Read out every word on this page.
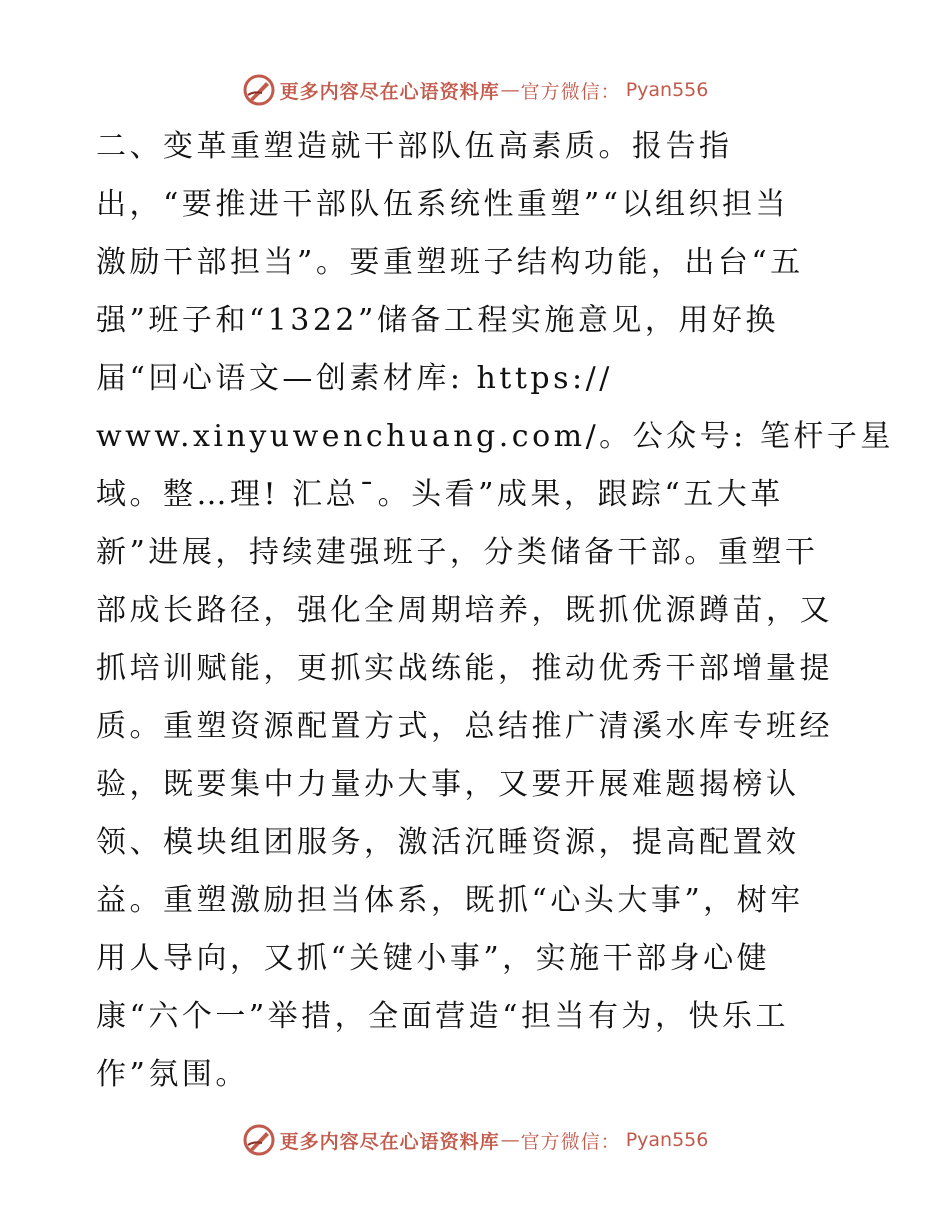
更多内容尽在心语资料库 — 官方微信 ： Pyan556
二、变革重塑造就干部队伍高素质。报告指
出，“要推进干部队伍系统性重塑”“以组织担当
激励干部担当”。要重塑班子结构功能，出台“五
强”班子和“1322”储备工程实施意见，用好换
届“回心语文—创素材库: https://
www.xinyuwenchuang.com/。公众号: 笔杆子星
域。整…理! 汇总¯。头看”成果，跟踪“五大革
新”进展，持续建强班子，分类储备干部。重塑干
部成长路径，强化全周期培养，既抓优源蹲苗，又
抓培训赋能，更抓实战练能，推动优秀干部增量提
质。重塑资源配置方式，总结推广清溪水库专班经
验，既要集中力量办大事，又要开展难题揭榜认
领、模块组团服务，激活沉睡资源，提高配置效
益。重塑激励担当体系，既抓“心头大事”，树牢
用人导向，又抓“关键小事”，实施干部身心健
康“六个一”举措，全面营造“担当有为，快乐工
作”氛围。
更多内容尽在心语资料库 — 官方微信 ： Pyan556
